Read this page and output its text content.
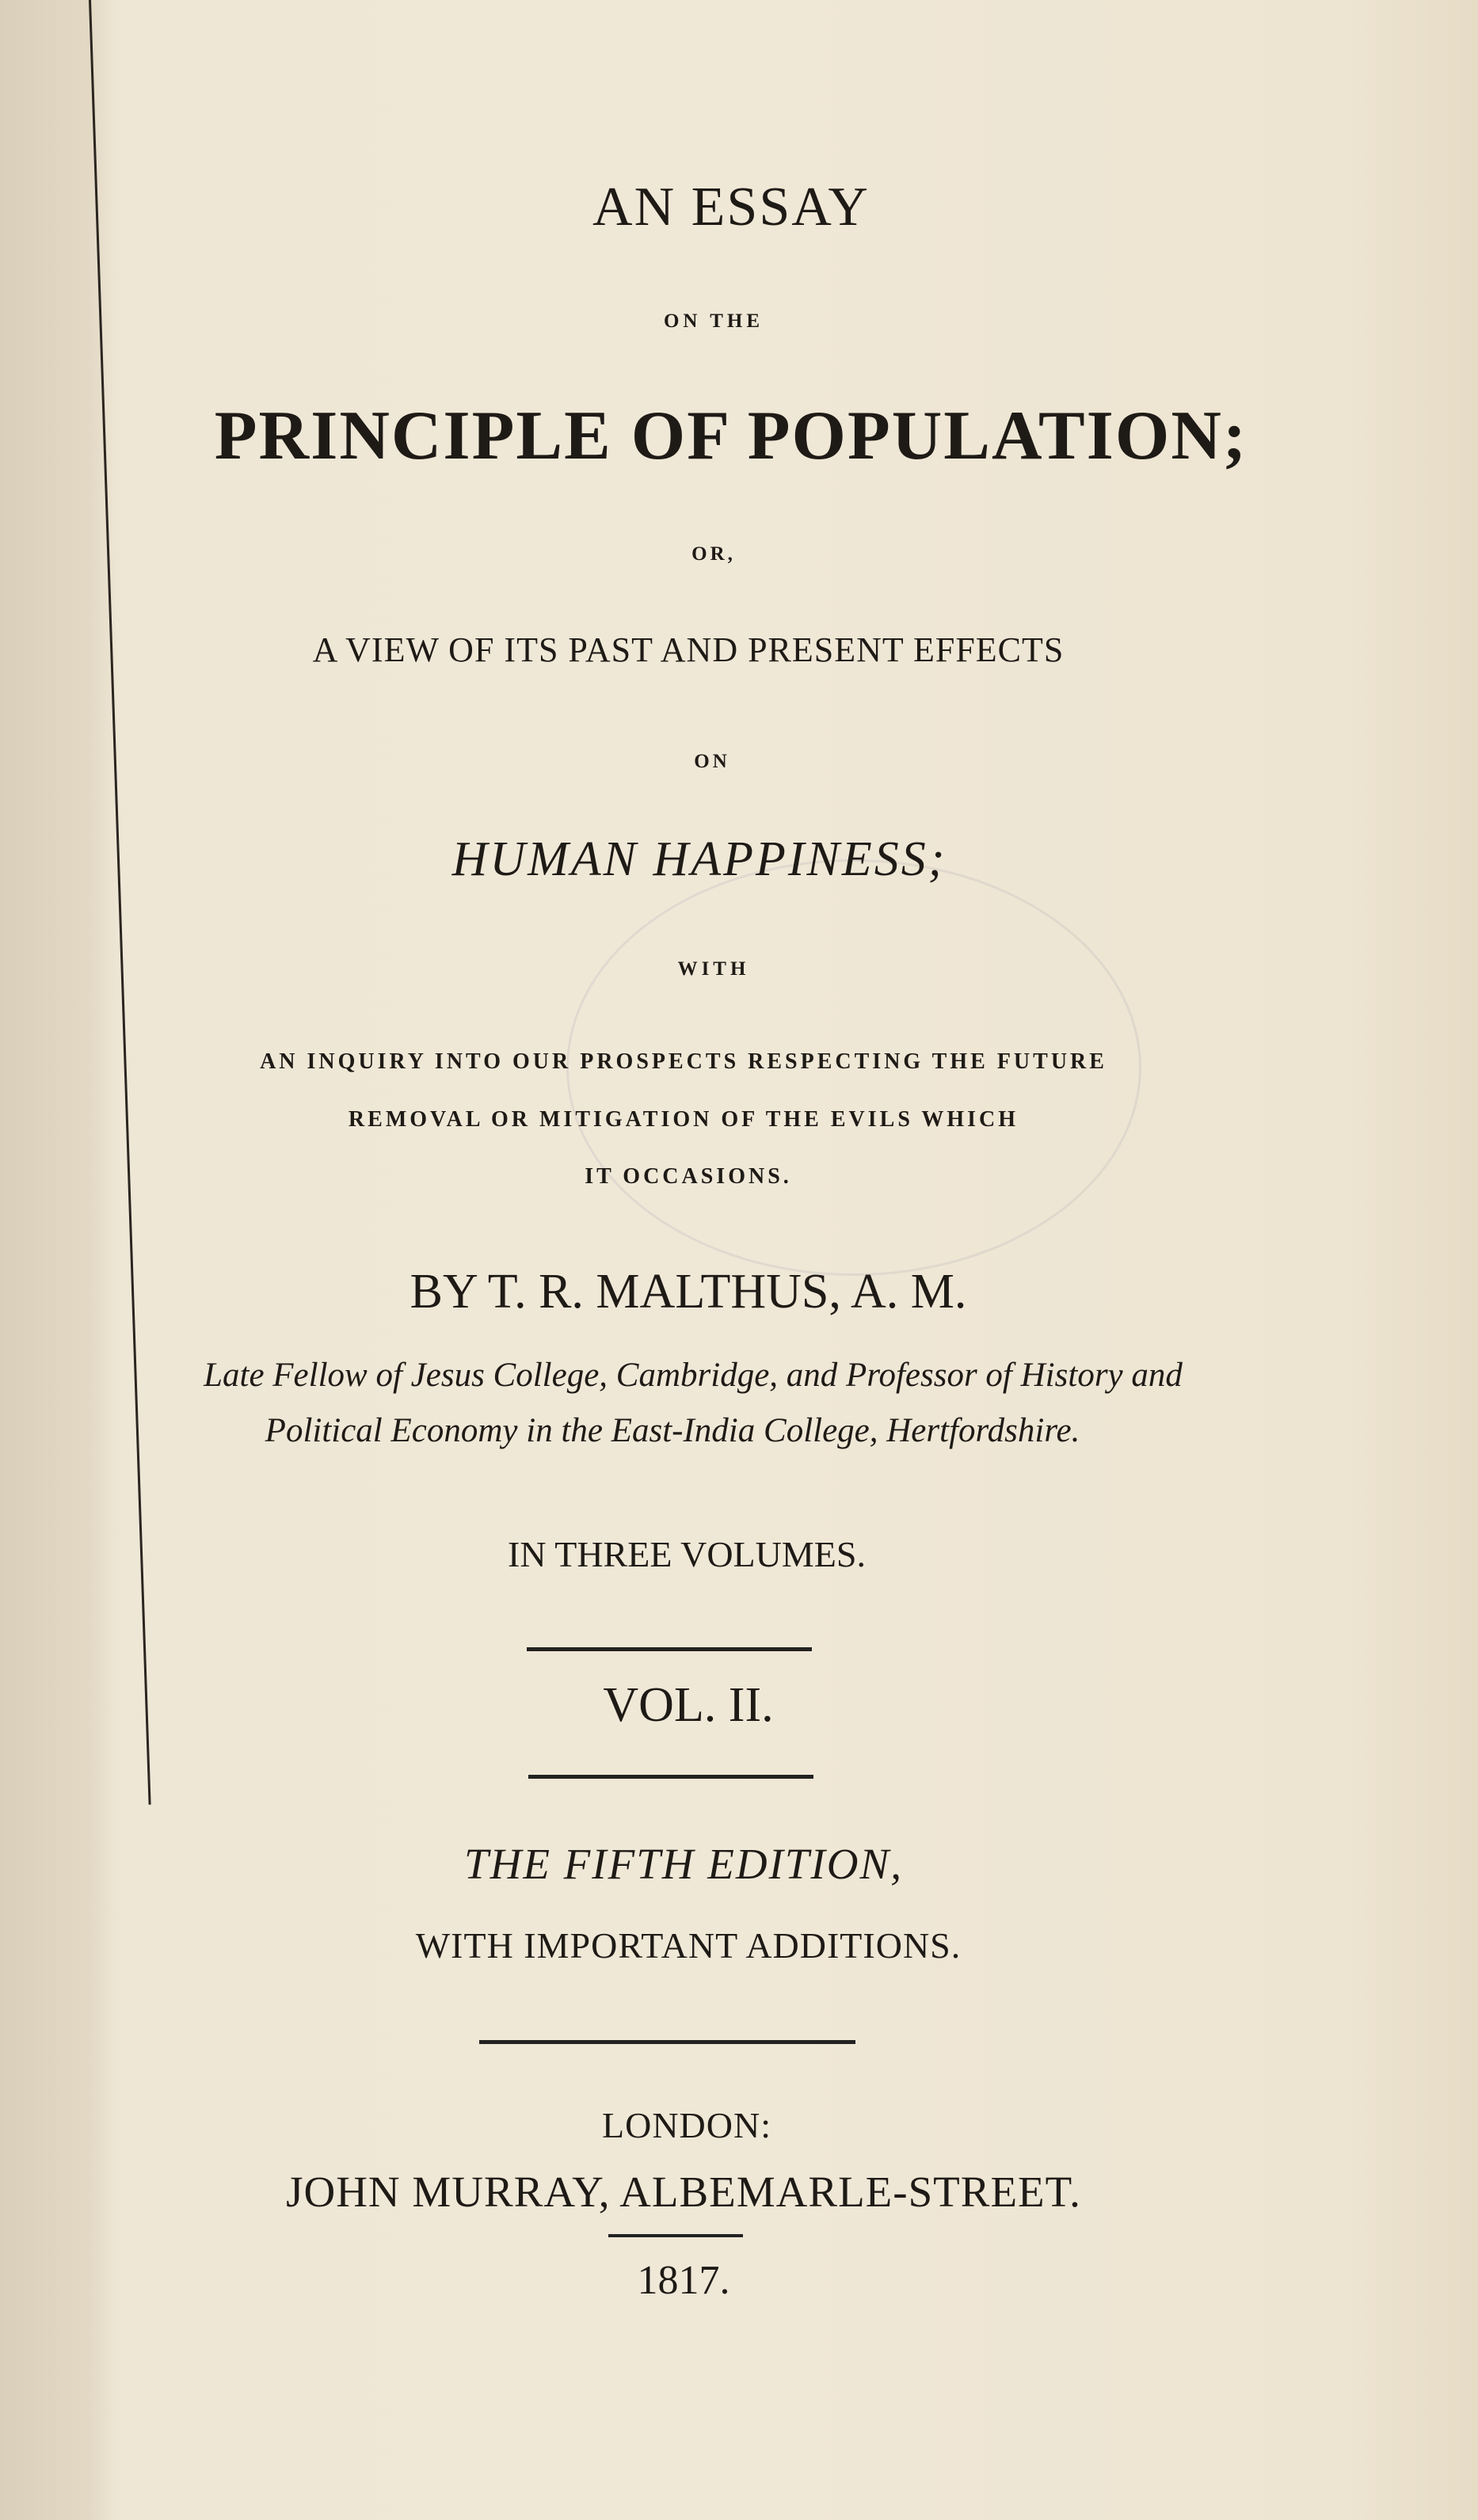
AN ESSAY

ON THE

PRINCIPLE OF POPULATION;

OR,

A VIEW OF ITS PAST AND PRESENT EFFECTS

ON

HUMAN HAPPINESS;

WITH

AN INQUIRY INTO OUR PROSPECTS RESPECTING THE FUTURE

REMOVAL OR MITIGATION OF THE EVILS WHICH

IT OCCASIONS.

BY T. R. MALTHUS, A. M.

Late Fellow of Jesus College, Cambridge, and Professor of History and

Political Economy in the East-India College, Hertfordshire.

IN THREE VOLUMES.

VOL. II.

THE FIFTH EDITION,

WITH IMPORTANT ADDITIONS.

LONDON:

JOHN MURRAY, ALBEMARLE-STREET.

1817.
